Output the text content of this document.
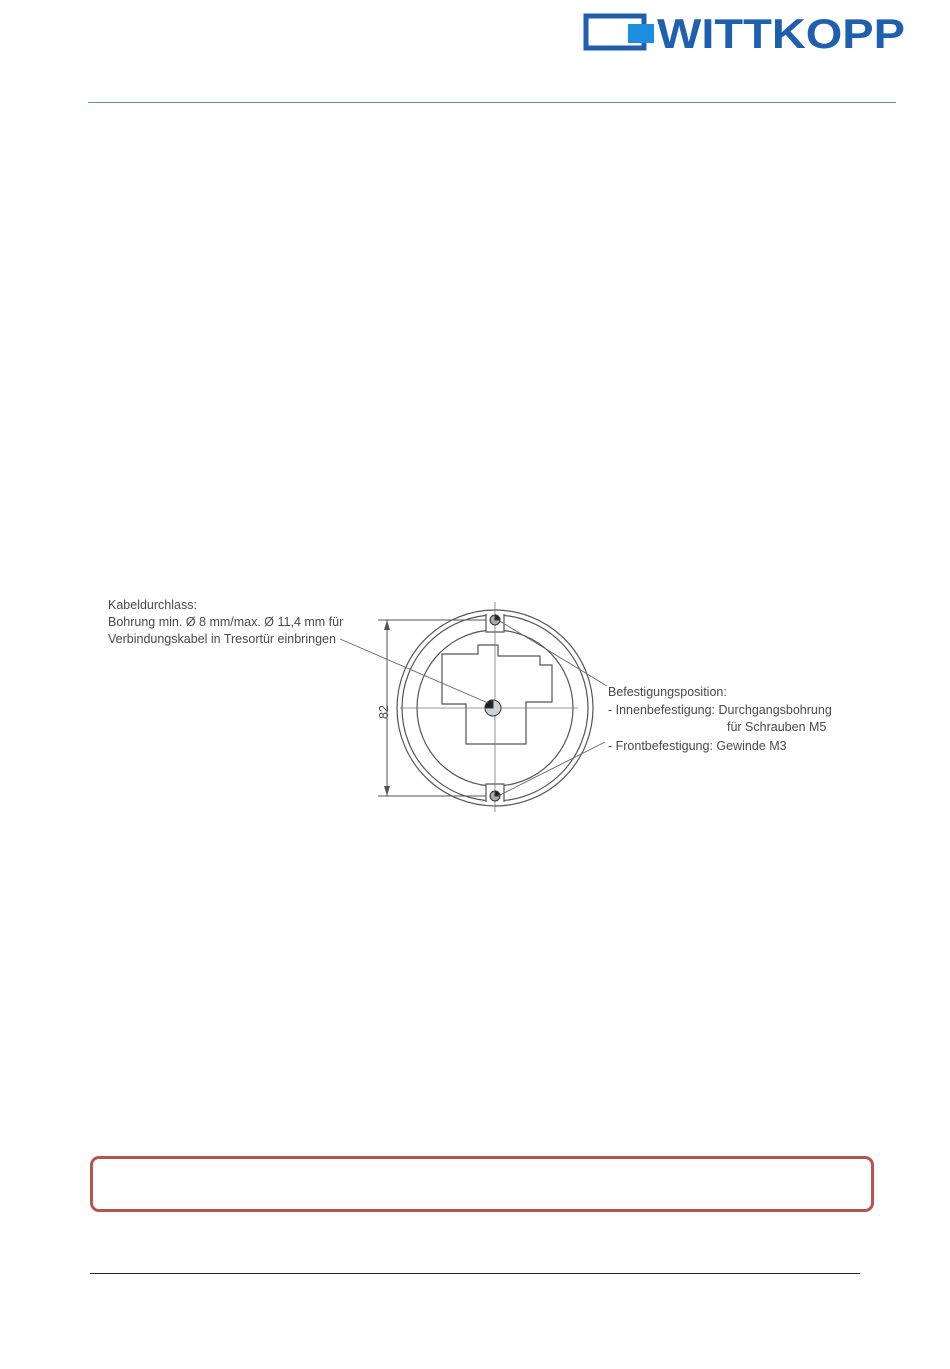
WITTKOPP
82
Kabeldurchlass:
Bohrung min. Ø 8 mm/max. Ø 11,4 mm für
Verbindungskabel in Tresortür einbringen
Befestigungsposition:
- Innenbefestigung: Durchgangsbohrung
für Schrauben M5
- Frontbefestigung: Gewinde M3
